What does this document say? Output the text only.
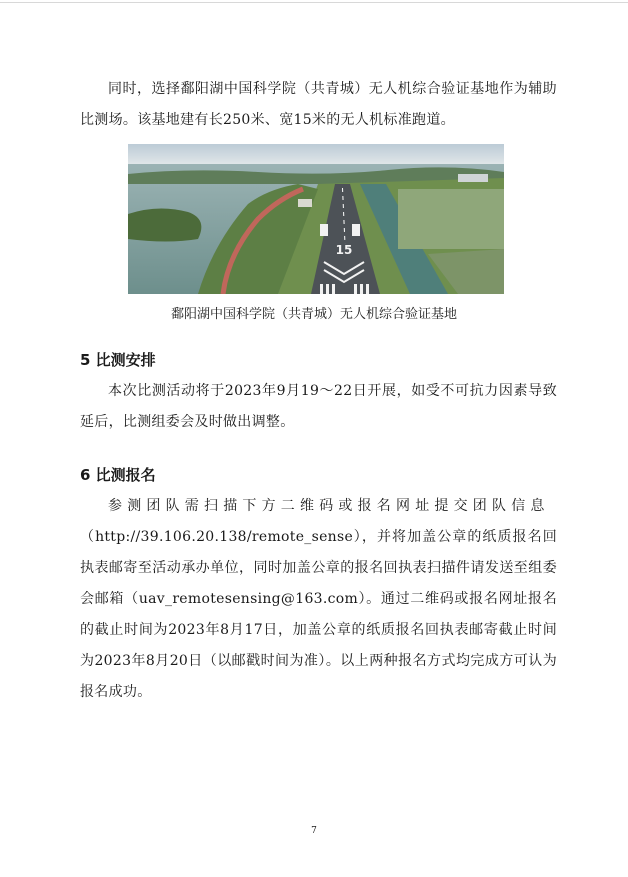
同时，选择鄱阳湖中国科学院（共青城）无人机综合验证基地作为辅助比测场。该基地建有长250米、宽15米的无人机标准跑道。

15
鄱阳湖中国科学院（共青城）无人机综合验证基地
5 比测安排

本次比测活动将于2023年9月19～22日开展，如受不可抗力因素导致延后，比测组委会及时做出调整。

6 比测报名

参测团队需扫描下方二维码或报名网址提交团队信息

（http://39.106.20.138/remote_sense），并将加盖公章的纸质报名回执表邮寄至活动承办单位，同时加盖公章的报名回执表扫描件请发送至组委会邮箱（uav_remotesensing@163.com）。通过二维码或报名网址报名的截止时间为2023年8月17日，加盖公章的纸质报名回执表邮寄截止时间为2023年8月20日（以邮戳时间为准）。以上两种报名方式均完成方可认为报名成功。

7
